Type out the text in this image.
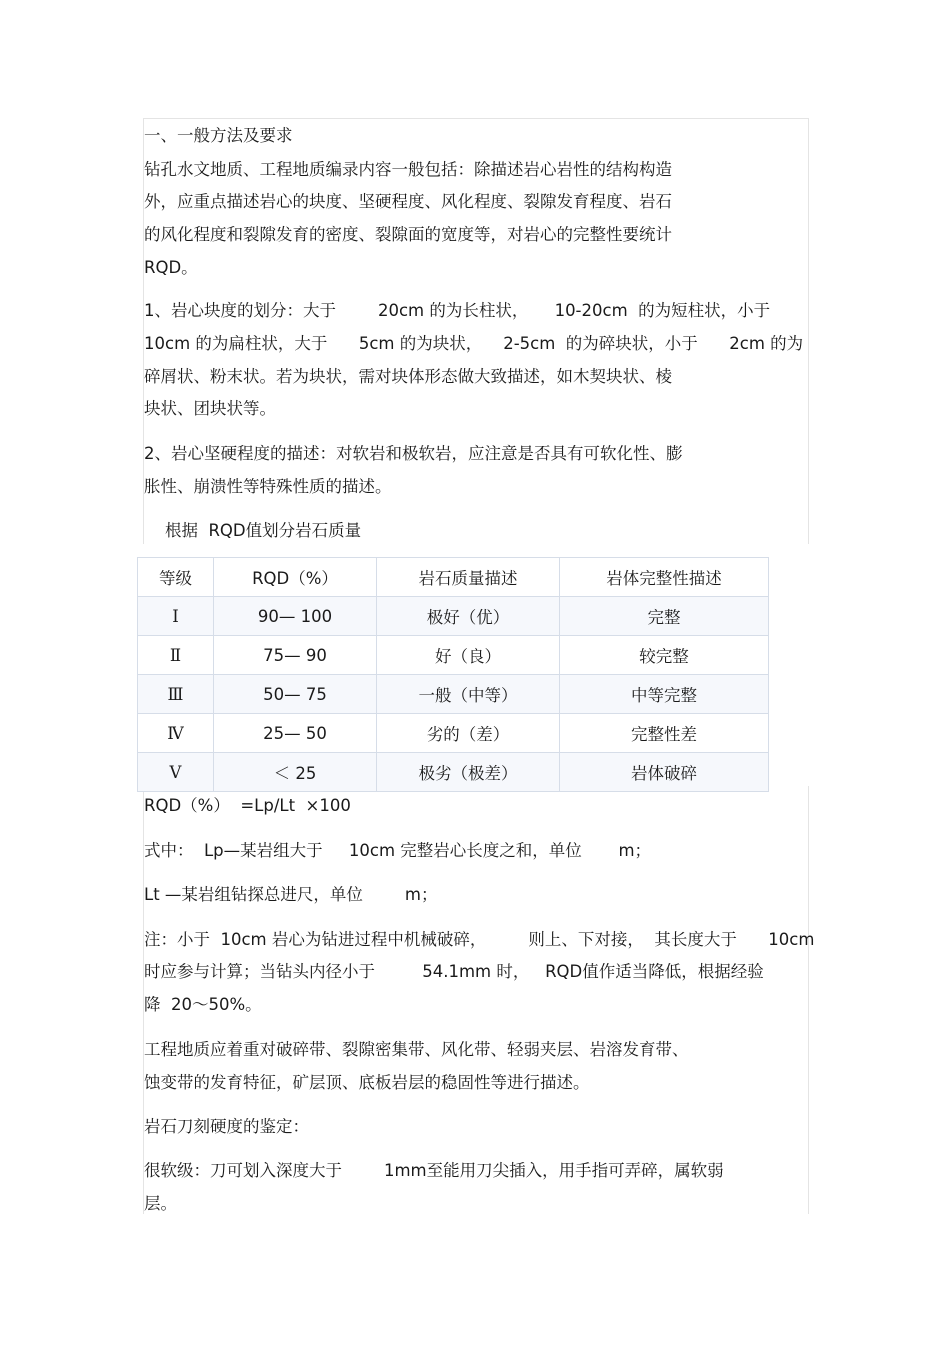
一、一般方法及要求
钻孔水文地质、工程地质编录内容一般包括：除描述岩心岩性的结构构造
外，应重点描述岩心的块度、坚硬程度、风化程度、裂隙发育程度、岩石
的风化程度和裂隙发育的密度、裂隙面的宽度等，对岩心的完整性要统计
RQD。
1、岩心块度的划分：大于        20cm 的为长柱状，     10-20cm  的为短柱状，小于
10cm 的为扁柱状，大于      5cm 的为块状，    2-5cm  的为碎块状，小于      2cm 的为
碎屑状、粉末状。若为块状，需对块体形态做大致描述，如木契块状、棱
块状、团块状等。
2、岩心坚硬程度的描述：对软岩和极软岩，应注意是否具有可软化性、膨
胀性、崩溃性等特殊性质的描述。
根据  RQD值划分岩石质量
等级	RQD（%）	岩石质量描述	岩体完整性描述
Ⅰ	90— 100	极好（优）	完整
Ⅱ	75— 90	好（良）	较完整
Ⅲ	50— 75	一般（中等）	中等完整
Ⅳ	25— 50	劣的（差）	完整性差
Ⅴ	＜ 25	极劣（极差）	岩体破碎
RQD（%）  =Lp/Lt  ×100
式中：  Lp—某岩组大于     10cm 完整岩心长度之和，单位       m；
Lt —某岩组钻探总进尺，单位        m；
注：小于  10cm 岩心为钻进过程中机械破碎，        则上、下对接，  其长度大于      10cm
时应参与计算；当钻头内径小于         54.1mm 时，   RQD值作适当降低，根据经验
降  20～50%。
工程地质应着重对破碎带、裂隙密集带、风化带、轻弱夹层、岩溶发育带、
蚀变带的发育特征，矿层顶、底板岩层的稳固性等进行描述。
岩石刀刻硬度的鉴定：
很软级：刀可划入深度大于        1mm至能用刀尖插入，用手指可弄碎，属软弱
层。
